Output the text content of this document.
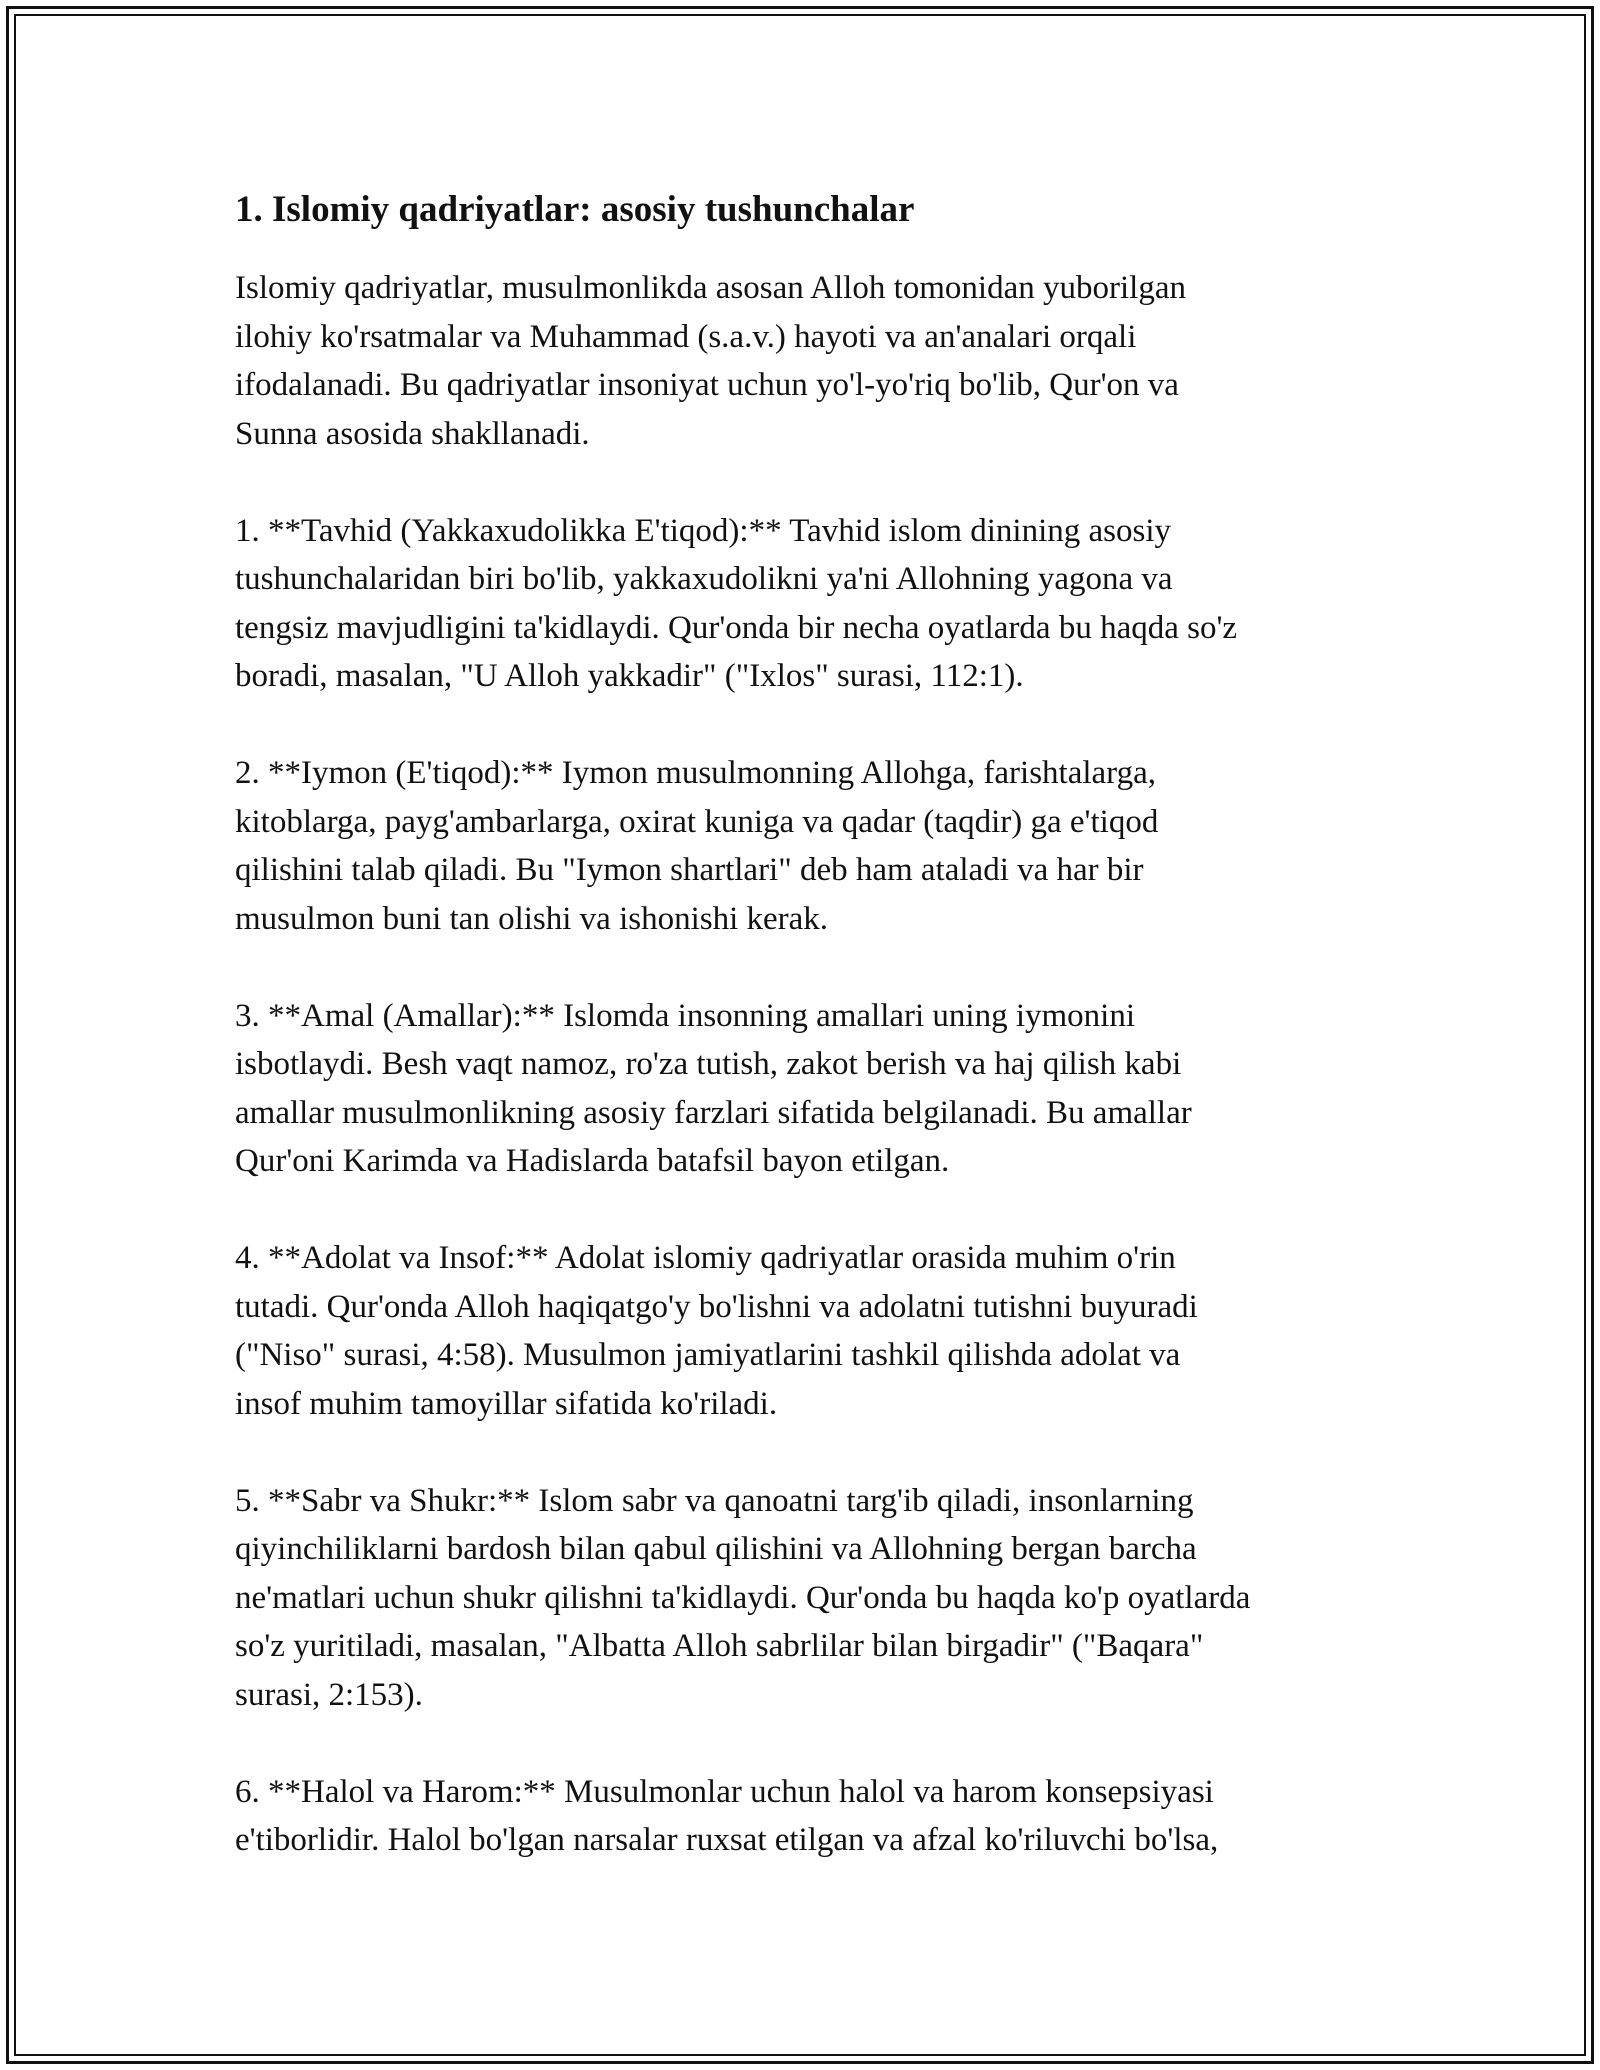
1. Islomiy qadriyatlar: asosiy tushunchalar

Islomiy qadriyatlar, musulmonlikda asosan Alloh tomonidan yuborilgan
ilohiy ko'rsatmalar va Muhammad (s.a.v.) hayoti va an'analari orqali
ifodalanadi. Bu qadriyatlar insoniyat uchun yo'l-yo'riq bo'lib, Qur'on va
Sunna asosida shakllanadi.

1. **Tavhid (Yakkaxudolikka E'tiqod):** Tavhid islom dinining asosiy
tushunchalaridan biri bo'lib, yakkaxudolikni ya'ni Allohning yagona va
tengsiz mavjudligini ta'kidlaydi. Qur'onda bir necha oyatlarda bu haqda so'z
boradi, masalan, "U Alloh yakkadir" ("Ixlos" surasi, 112:1).

2. **Iymon (E'tiqod):** Iymon musulmonning Allohga, farishtalarga,
kitoblarga, payg'ambarlarga, oxirat kuniga va qadar (taqdir) ga e'tiqod
qilishini talab qiladi. Bu "Iymon shartlari" deb ham ataladi va har bir
musulmon buni tan olishi va ishonishi kerak.

3. **Amal (Amallar):** Islomda insonning amallari uning iymonini
isbotlaydi. Besh vaqt namoz, ro'za tutish, zakot berish va haj qilish kabi
amallar musulmonlikning asosiy farzlari sifatida belgilanadi. Bu amallar
Qur'oni Karimda va Hadislarda batafsil bayon etilgan.

4. **Adolat va Insof:** Adolat islomiy qadriyatlar orasida muhim o'rin
tutadi. Qur'onda Alloh haqiqatgo'y bo'lishni va adolatni tutishni buyuradi
("Niso" surasi, 4:58). Musulmon jamiyatlarini tashkil qilishda adolat va
insof muhim tamoyillar sifatida ko'riladi.

5. **Sabr va Shukr:** Islom sabr va qanoatni targ'ib qiladi, insonlarning
qiyinchiliklarni bardosh bilan qabul qilishini va Allohning bergan barcha
ne'matlari uchun shukr qilishni ta'kidlaydi. Qur'onda bu haqda ko'p oyatlarda
so'z yuritiladi, masalan, "Albatta Alloh sabrlilar bilan birgadir" ("Baqara"
surasi, 2:153).

6. **Halol va Harom:** Musulmonlar uchun halol va harom konsepsiyasi
e'tiborlidir. Halol bo'lgan narsalar ruxsat etilgan va afzal ko'riluvchi bo'lsa,
